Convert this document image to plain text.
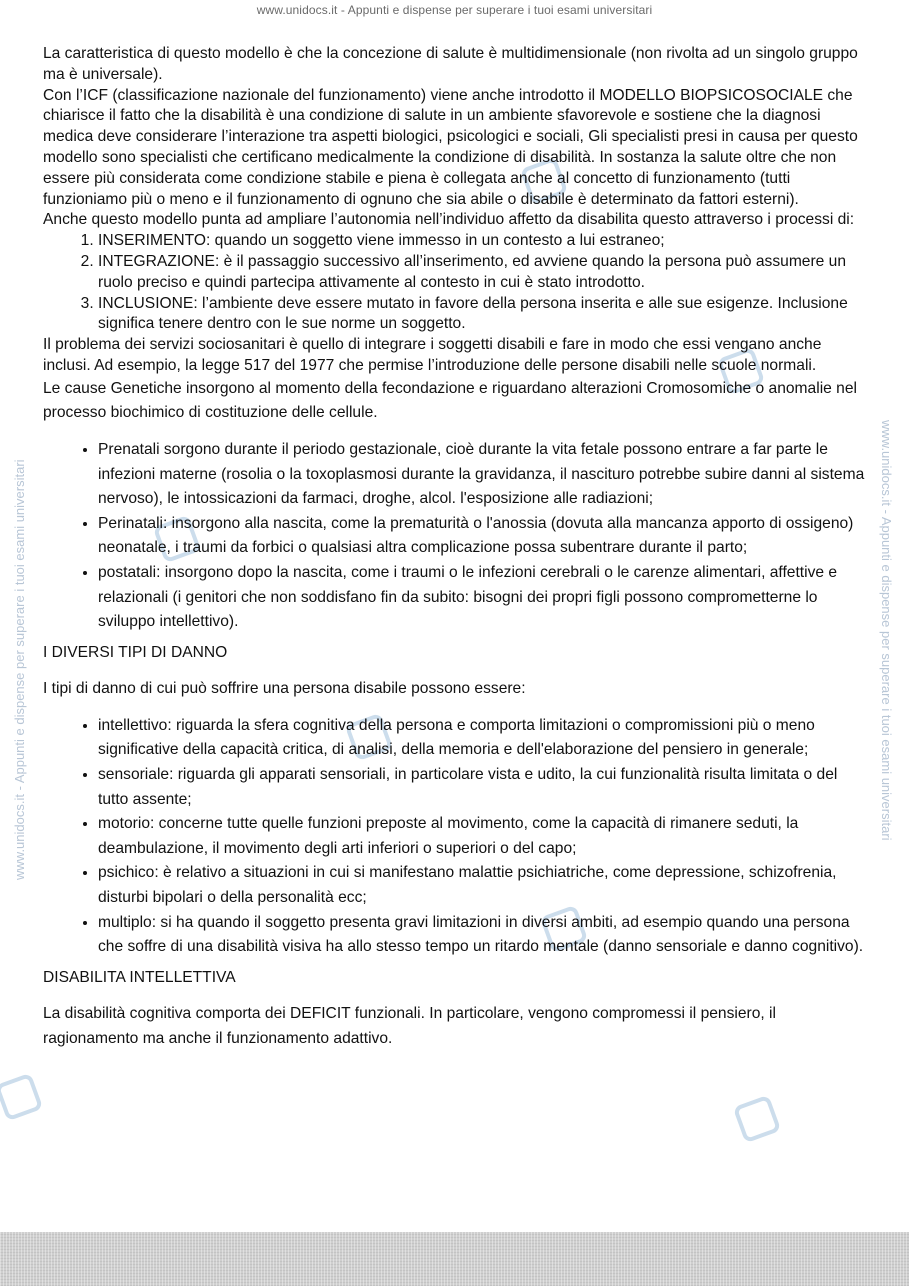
www.unidocs.it - Appunti e dispense per superare i tuoi esami universitari
www.unidocs.it - Appunti e dispense per superare i tuoi esami universitari	www.unidocs.it - Appunti e dispense per superare i tuoi esami universitari

La caratteristica di questo modello è che la concezione di salute è multidimensionale (non rivolta ad un singolo gruppo ma è universale).

Con l’ICF (classificazione nazionale del funzionamento) viene anche introdotto il MODELLO BIOPSICOSOCIALE che chiarisce il fatto che la disabilità è una condizione di salute in un ambiente sfavorevole e sostiene che la diagnosi medica deve considerare l’interazione tra aspetti biologici, psicologici e sociali, Gli specialisti presi in causa per questo modello sono specialisti che certificano medicalmente la condizione di disabilità. In sostanza la salute oltre che non essere più considerata come condizione stabile e piena è collegata anche al concetto di funzionamento (tutti funzioniamo più o meno e il funzionamento di ognuno che sia abile o disabile è determinato da fattori esterni).

Anche questo modello punta ad ampliare l’autonomia nell’individuo affetto da disabilita questo attraverso i processi di:

1. INSERIMENTO: quando un soggetto viene immesso in un contesto a lui estraneo;
2. INTEGRAZIONE: è il passaggio successivo all’inserimento, ed avviene quando la persona può assumere un ruolo preciso e quindi partecipa attivamente al contesto in cui è stato introdotto.
3. INCLUSIONE: l’ambiente deve essere mutato in favore della persona inserita e alle sue esigenze. Inclusione significa tenere dentro con le sue norme un soggetto.

Il problema dei servizi sociosanitari è quello di integrare i soggetti disabili e fare in modo che essi vengano anche inclusi. Ad esempio, la legge 517 del 1977 che permise l’introduzione delle persone disabili nelle scuole normali.

Le cause Genetiche insorgono al momento della fecondazione e riguardano alterazioni Cromosomiche o anomalie nel processo biochimico di costituzione delle cellule.

• Prenatali sorgono durante il periodo gestazionale, cioè durante la vita fetale possono entrare a far parte le infezioni materne (rosolia o la toxoplasmosi durante la gravidanza, il nascituro potrebbe subire danni al sistema nervoso), le intossicazioni da farmaci, droghe, alcol. l'esposizione alle radiazioni;
• Perinatali: insorgono alla nascita, come la prematurità o l'anossia (dovuta alla mancanza apporto di ossigeno) neonatale, i traumi da forbici o qualsiasi altra complicazione possa subentrare durante il parto;
• postatali: insorgono dopo la nascita, come i traumi o le infezioni cerebrali o le carenze alimentari, affettive e relazionali (i genitori che non soddisfano fin da subito: bisogni dei propri figli possono comprometterne lo sviluppo intellettivo).

I DIVERSI TIPI DI DANNO

I tipi di danno di cui può soffrire una persona disabile possono essere:

• intellettivo: riguarda la sfera cognitiva della persona e comporta limitazioni o compromissioni più o meno significative della capacità critica, di analisi, della memoria e dell'elaborazione del pensiero in generale;
• sensoriale: riguarda gli apparati sensoriali, in particolare vista e udito, la cui funzionalità risulta limitata o del tutto assente;
• motorio: concerne tutte quelle funzioni preposte al movimento, come la capacità di rimanere seduti, la deambulazione, il movimento degli arti inferiori o superiori o del capo;
• psichico: è relativo a situazioni in cui si manifestano malattie psichiatriche, come depressione, schizofrenia, disturbi bipolari o della personalità ecc;
• multiplo: si ha quando il soggetto presenta gravi limitazioni in diversi ambiti, ad esempio quando una persona che soffre di una disabilità visiva ha allo stesso tempo un ritardo mentale (danno sensoriale e danno cognitivo).

DISABILITA INTELLETTIVA

La disabilità cognitiva comporta dei DEFICIT funzionali. In particolare, vengono compromessi il pensiero, il ragionamento ma anche il funzionamento adattivo.
